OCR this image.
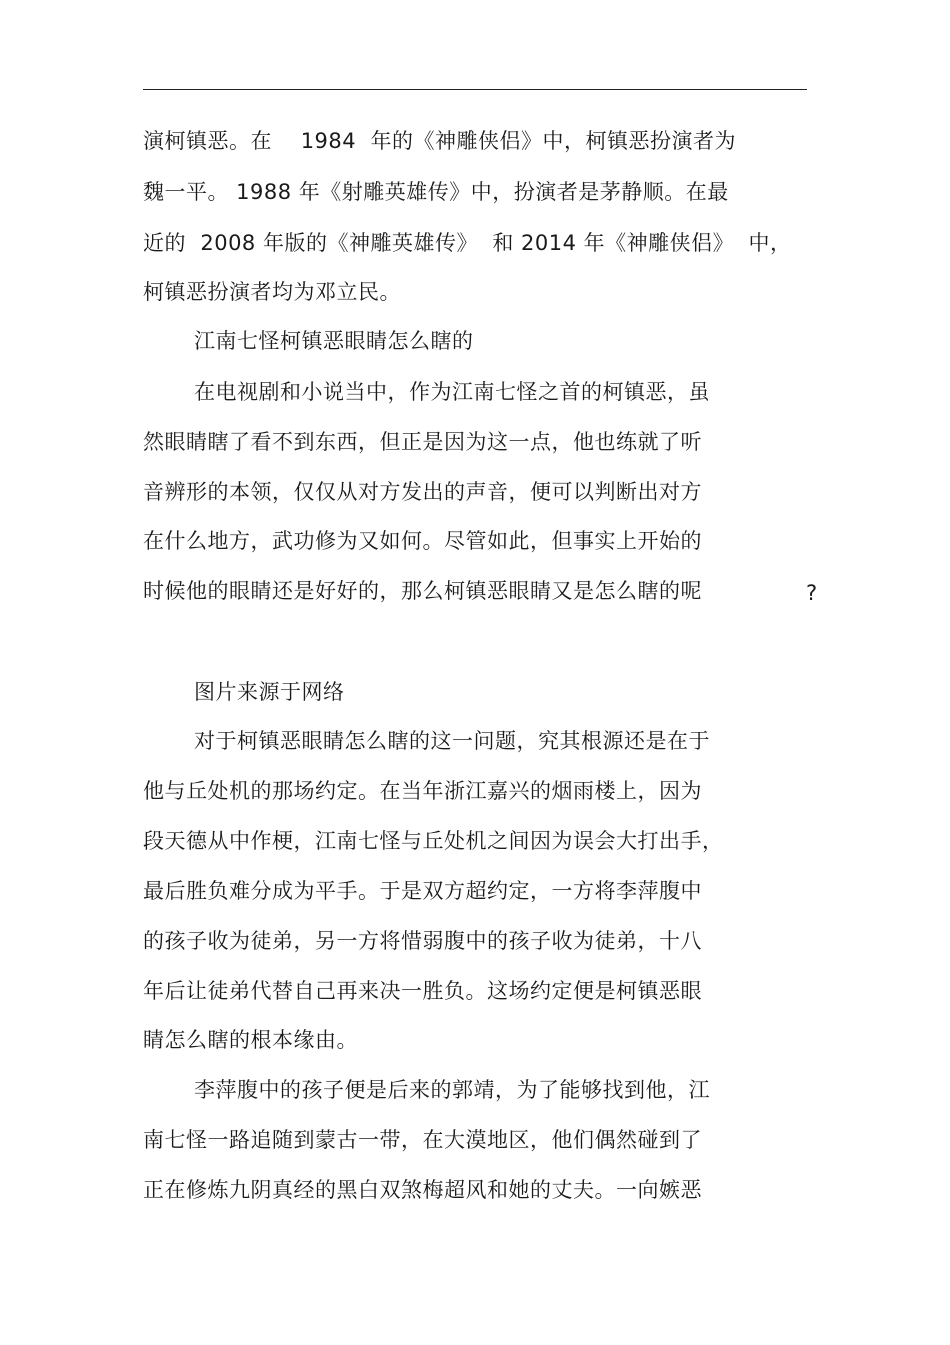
演柯镇恶。在    1984  年的《神雕侠侣》中，柯镇恶扮演者为
魏一平。 1988 年《射雕英雄传》中，扮演者是茅静顺。在最
近的  2008 年版的《神雕英雄传》  和 2014 年《神雕侠侣》  中，
柯镇恶扮演者均为邓立民。
江南七怪柯镇恶眼睛怎么瞎的
在电视剧和小说当中，作为江南七怪之首的柯镇恶，虽
然眼睛瞎了看不到东西，但正是因为这一点，他也练就了听
音辨形的本领，仅仅从对方发出的声音，便可以判断出对方
在什么地方，武功修为又如何。尽管如此，但事实上开始的
时候他的眼睛还是好好的，那么柯镇恶眼睛又是怎么瞎的呢	?
图片来源于网络
对于柯镇恶眼睛怎么瞎的这一问题，究其根源还是在于
他与丘处机的那场约定。在当年浙江嘉兴的烟雨楼上，因为
段天德从中作梗，江南七怪与丘处机之间因为误会大打出手，
最后胜负难分成为平手。于是双方超约定，一方将李萍腹中
的孩子收为徒弟，另一方将惜弱腹中的孩子收为徒弟，十八
年后让徒弟代替自己再来决一胜负。这场约定便是柯镇恶眼
睛怎么瞎的根本缘由。
李萍腹中的孩子便是后来的郭靖，为了能够找到他，江
南七怪一路追随到蒙古一带，在大漠地区，他们偶然碰到了
正在修炼九阴真经的黑白双煞梅超风和她的丈夫。一向嫉恶
